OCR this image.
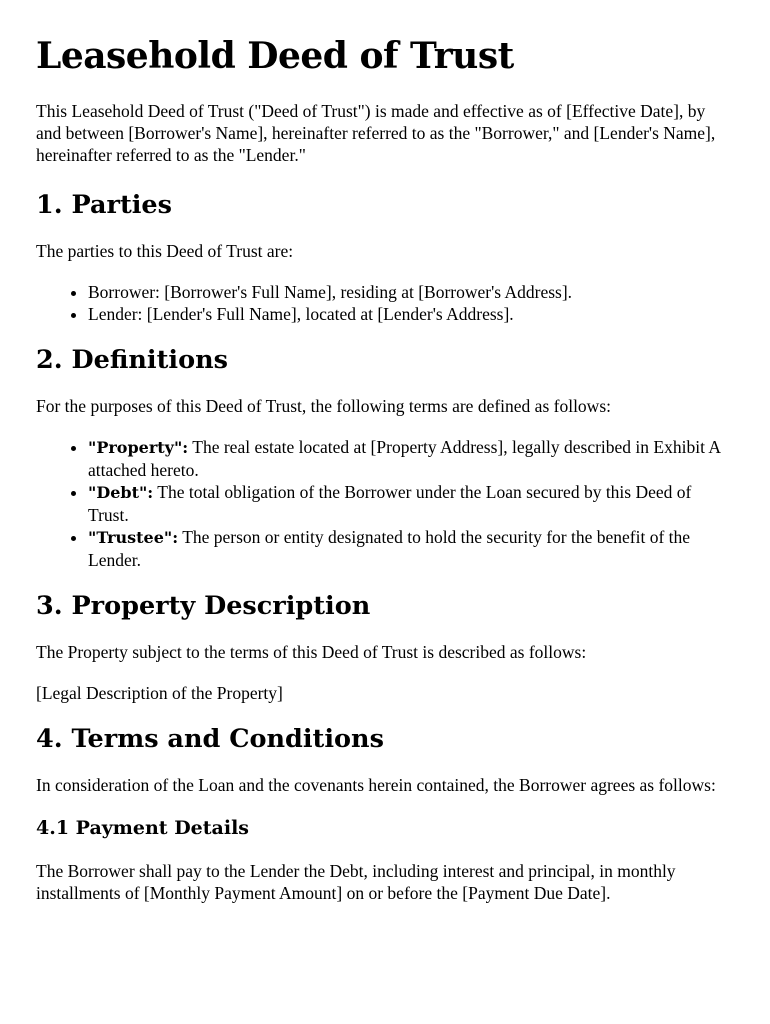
Leasehold Deed of Trust

This Leasehold Deed of Trust ("Deed of Trust") is made and effective as of [Effective Date], by and between [Borrower's Name], hereinafter referred to as the "Borrower," and [Lender's Name], hereinafter referred to as the "Lender."

1. Parties

The parties to this Deed of Trust are:

• Borrower: [Borrower's Full Name], residing at [Borrower's Address].
• Lender: [Lender's Full Name], located at [Lender's Address].
2. Definitions

For the purposes of this Deed of Trust, the following terms are defined as follows:

• "Property": The real estate located at [Property Address], legally described in Exhibit A attached hereto.
• "Debt": The total obligation of the Borrower under the Loan secured by this Deed of Trust.
• "Trustee": The person or entity designated to hold the security for the benefit of the Lender.
3. Property Description

The Property subject to the terms of this Deed of Trust is described as follows:

[Legal Description of the Property]

4. Terms and Conditions

In consideration of the Loan and the covenants herein contained, the Borrower agrees as follows:

4.1 Payment Details

The Borrower shall pay to the Lender the Debt, including interest and principal, in monthly installments of [Monthly Payment Amount] on or before the [Payment Due Date].
